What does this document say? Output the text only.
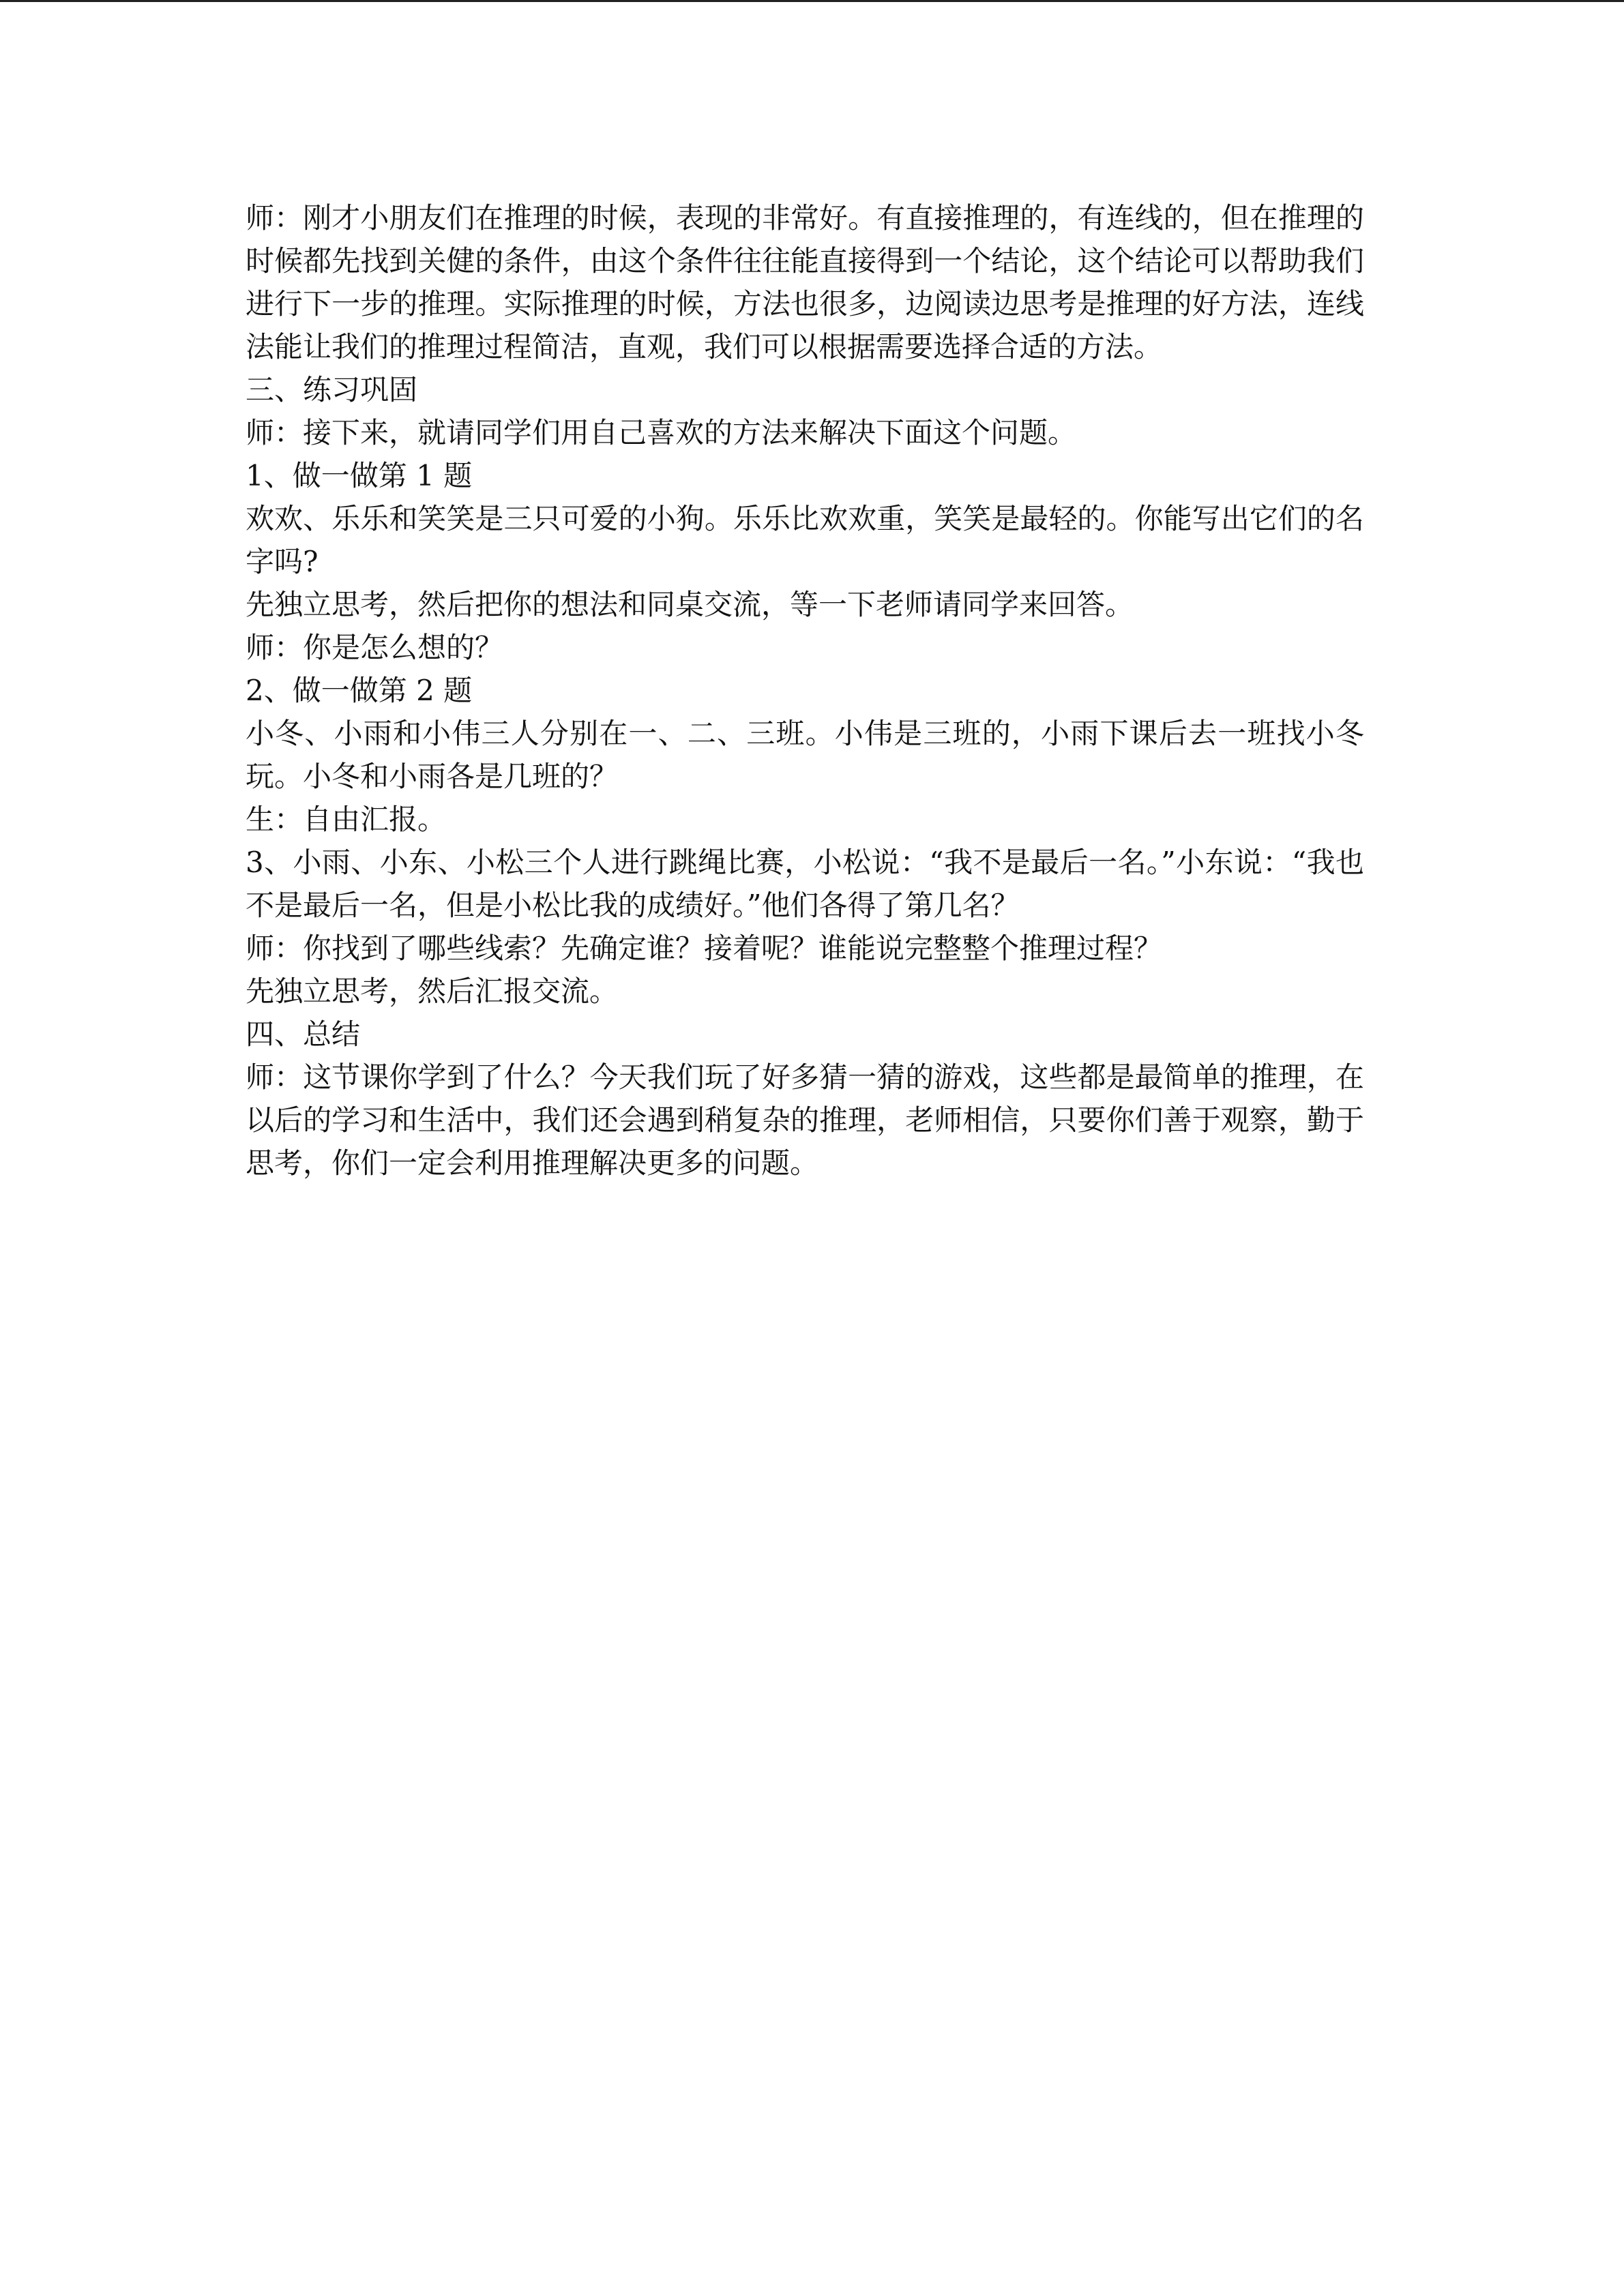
师：刚才小朋友们在推理的时候，表现的非常好。有直接推理的，有连线的，但在推理的时候都先找到关健的条件，由这个条件往往能直接得到一个结论，这个结论可以帮助我们进行下一步的推理。实际推理的时候，方法也很多，边阅读边思考是推理的好方法，连线法能让我们的推理过程简洁，直观，我们可以根据需要选择合适的方法。

三、练习巩固

师：接下来，就请同学们用自己喜欢的方法来解决下面这个问题。

1、做一做第 1 题

欢欢、乐乐和笑笑是三只可爱的小狗。乐乐比欢欢重，笑笑是最轻的。你能写出它们的名字吗?

先独立思考，然后把你的想法和同桌交流，等一下老师请同学来回答。

师：你是怎么想的？

2、做一做第 2 题

小冬、小雨和小伟三人分别在一、二、三班。小伟是三班的，小雨下课后去一班找小冬玩。小冬和小雨各是几班的？

生：自由汇报。

3、小雨、小东、小松三个人进行跳绳比赛，小松说：“我不是最后一名。”小东说：“我也不是最后一名，但是小松比我的成绩好。”他们各得了第几名？

师：你找到了哪些线索？先确定谁？接着呢？谁能说完整整个推理过程？

先独立思考，然后汇报交流。

四、总结

师：这节课你学到了什么？今天我们玩了好多猜一猜的游戏，这些都是最简单的推理，在以后的学习和生活中，我们还会遇到稍复杂的推理，老师相信，只要你们善于观察，勤于思考，你们一定会利用推理解决更多的问题。
